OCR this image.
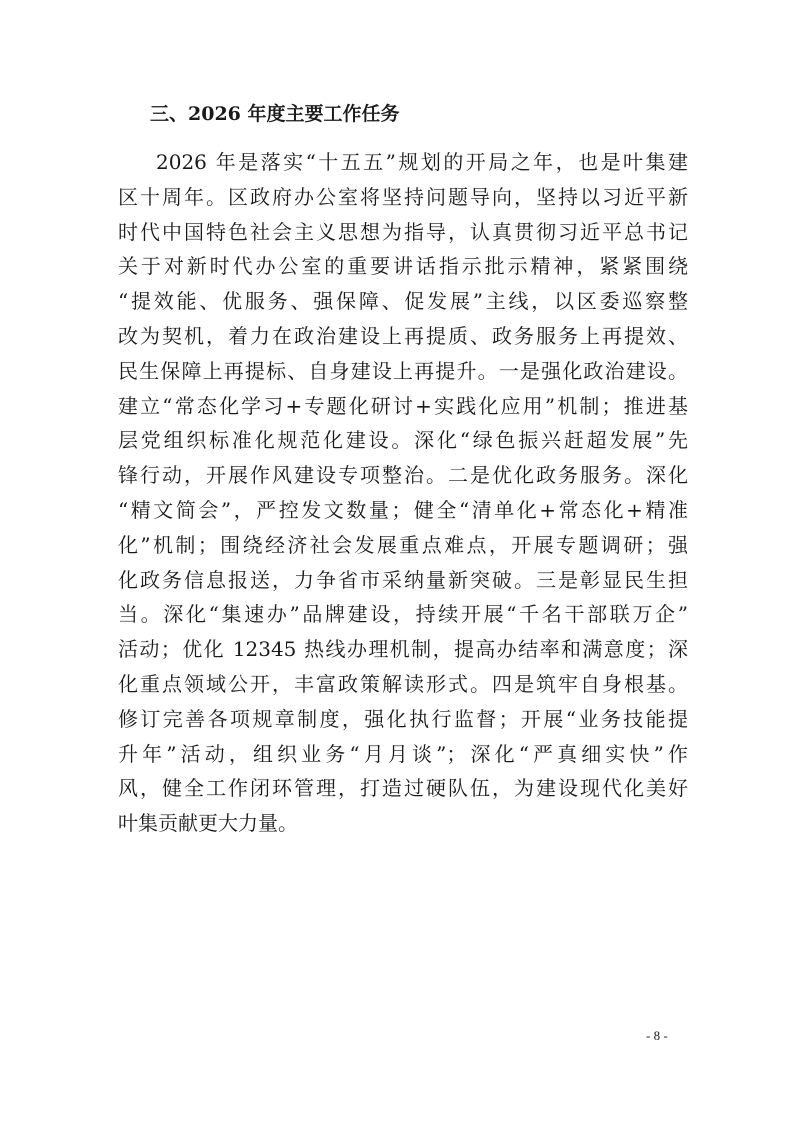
三、2026 年度主要工作任务
2026 年是落实“十五五”规划的开局之年，也是叶集建
区十周年。区政府办公室将坚持问题导向，坚持以习近平新
时代中国特色社会主义思想为指导，认真贯彻习近平总书记
关于对新时代办公室的重要讲话指示批示精神，紧紧围绕
“提效能、优服务、强保障、促发展”主线，以区委巡察整
改为契机，着力在政治建设上再提质、政务服务上再提效、
民生保障上再提标、自身建设上再提升。一是强化政治建设。
建立“常态化学习+专题化研讨+实践化应用”机制；推进基
层党组织标准化规范化建设。深化“绿色振兴赶超发展”先
锋行动，开展作风建设专项整治。二是优化政务服务。深化
“精文简会”，严控发文数量；健全“清单化+常态化+精准
化”机制；围绕经济社会发展重点难点，开展专题调研；强
化政务信息报送，力争省市采纳量新突破。三是彰显民生担
当。深化“集速办”品牌建设，持续开展“千名干部联万企”
活动；优化 12345 热线办理机制，提高办结率和满意度；深
化重点领域公开，丰富政策解读形式。四是筑牢自身根基。
修订完善各项规章制度，强化执行监督；开展“业务技能提
升年”活动，组织业务“月月谈”；深化“严真细实快”作
风，健全工作闭环管理，打造过硬队伍，为建设现代化美好
叶集贡献更大力量。
- 8 -
